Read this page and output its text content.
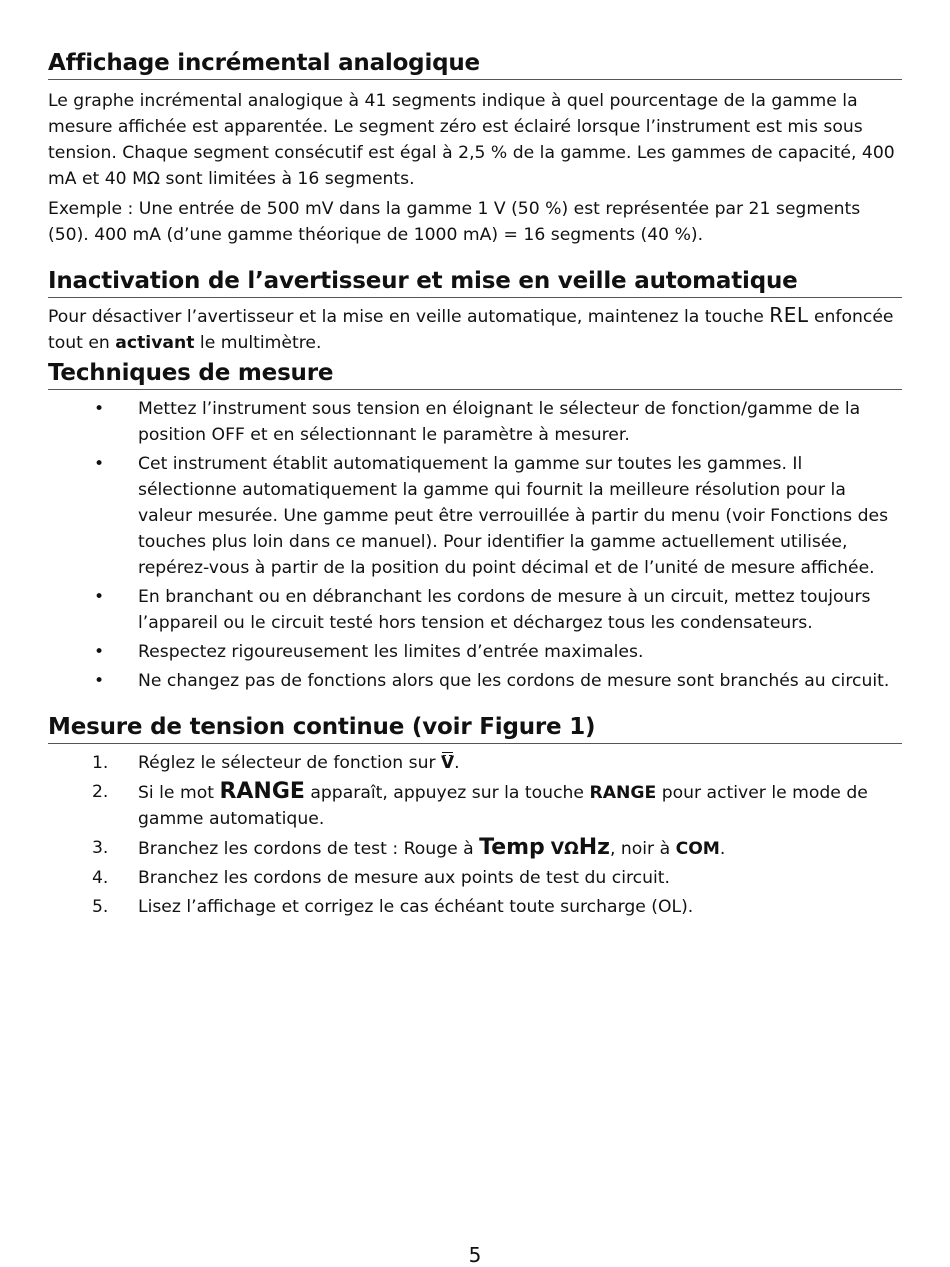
Affichage incrémental analogique

Le graphe incrémental analogique à 41 segments indique à quel pourcentage de la gamme la mesure affichée est apparentée. Le segment zéro est éclairé lorsque l’instrument est mis sous tension. Chaque segment consécutif est égal à 2,5 % de la gamme. Les gammes de capacité, 400 mA et 40 MΩ sont limitées à 16 segments.

Exemple : Une entrée de 500 mV dans la gamme 1 V (50 %) est représentée par 21 segments (50). 400 mA (d’une gamme théorique de 1000 mA) = 16 segments (40 %).

Inactivation de l’avertisseur et mise en veille automatique

Pour désactiver l’avertisseur et la mise en veille automatique, maintenez la touche REL enfoncée tout en activant le multimètre.

Techniques de mesure
• Mettez l’instrument sous tension en éloignant le sélecteur de fonction/gamme de la position OFF et en sélectionnant le paramètre à mesurer.
• Cet instrument établit automatiquement la gamme sur toutes les gammes. Il sélectionne automatiquement la gamme qui fournit la meilleure résolution pour la valeur mesurée. Une gamme peut être verrouillée à partir du menu (voir Fonctions des touches plus loin dans ce manuel). Pour identifier la gamme actuellement utilisée, repérez-vous à partir de la position du point décimal et de l’unité de mesure affichée.
• En branchant ou en débranchant les cordons de mesure à un circuit, mettez toujours l’appareil ou le circuit testé hors tension et déchargez tous les condensateurs.
• Respectez rigoureusement les limites d’entrée maximales.
• Ne changez pas de fonctions alors que les cordons de mesure sont branchés au circuit.
Mesure de tension continue (voir Figure 1)
1. Réglez le sélecteur de fonction sur V.
2. Si le mot RANGE apparaît, appuyez sur la touche RANGE pour activer le mode de gamme automatique.
3. Branchez les cordons de test : Rouge à Temp VΩHz, noir à COM.
4. Branchez les cordons de mesure aux points de test du circuit.
5. Lisez l’affichage et corrigez le cas échéant toute surcharge (OL).
5
